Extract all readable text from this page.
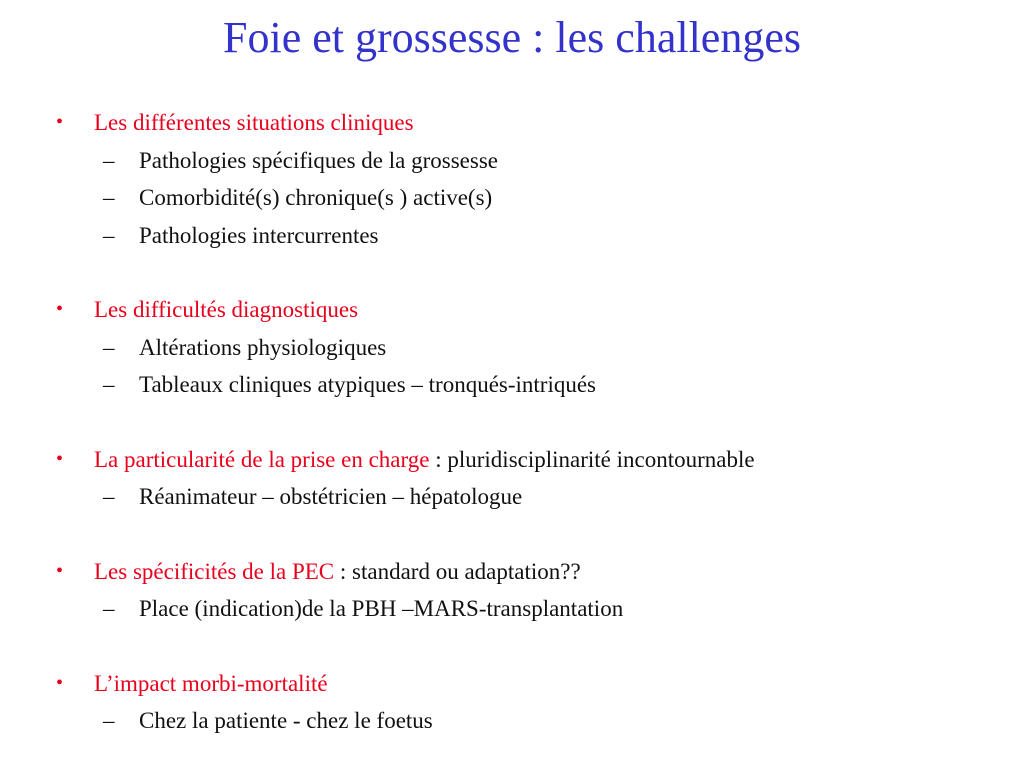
Foie et grossesse : les challenges
• Les différentes situations cliniques
– Pathologies spécifiques de la grossesse
– Comorbidité(s) chronique(s ) active(s)
– Pathologies intercurrentes
• Les difficultés diagnostiques
– Altérations physiologiques
– Tableaux cliniques atypiques – tronqués-intriqués
• La particularité de la prise en charge : pluridisciplinarité incontournable
– Réanimateur – obstétricien – hépatologue
• Les spécificités de la PEC : standard ou adaptation??
– Place (indication)de la PBH –MARS-transplantation
• L’impact morbi-mortalité
– Chez la patiente - chez le foetus
